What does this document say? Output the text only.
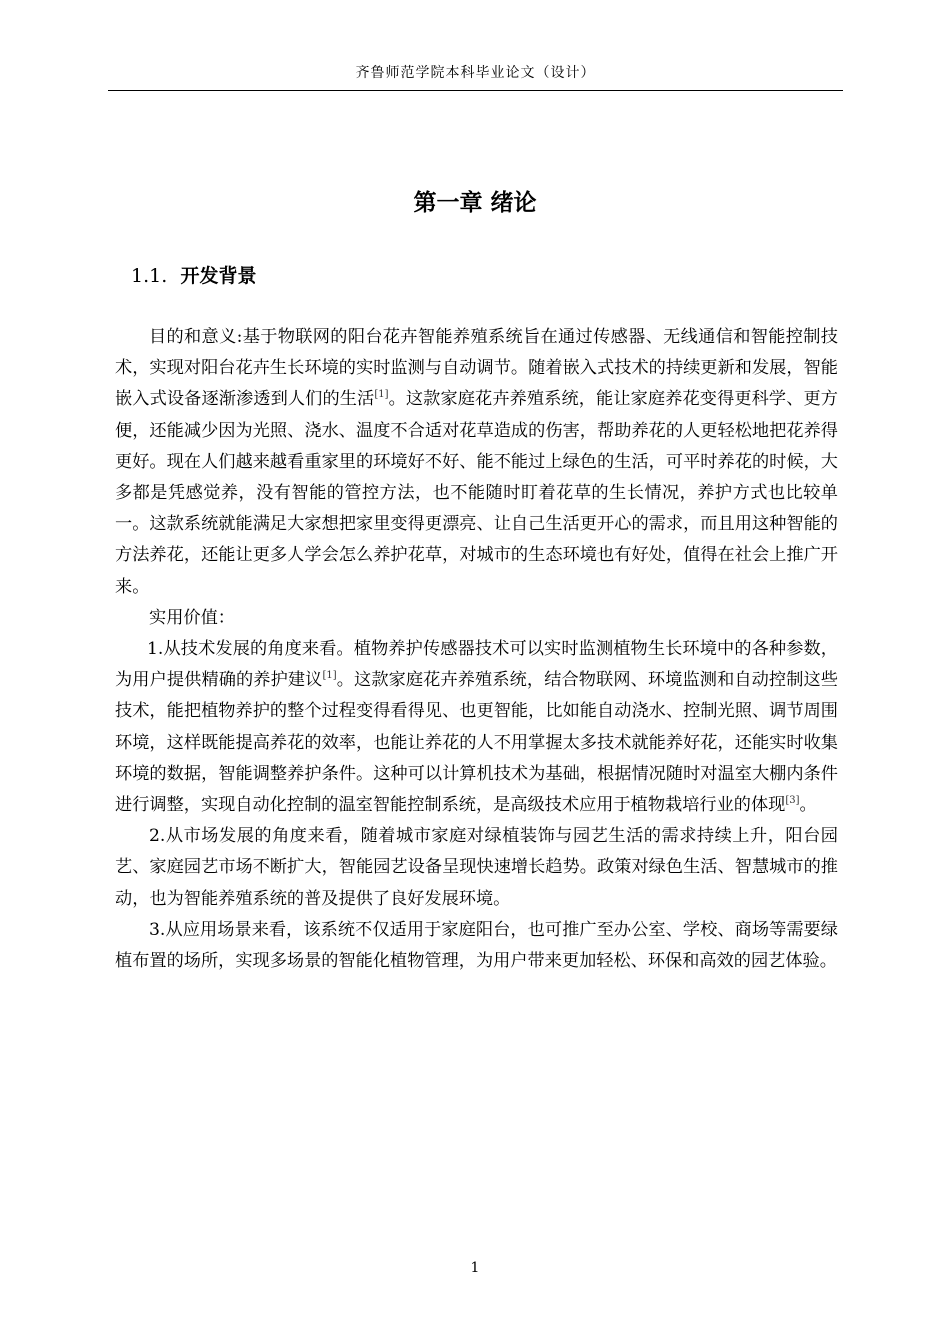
齐鲁师范学院本科毕业论文（设计）
第一章 绪论
1.1. 开发背景

目的和意义:基于物联网的阳台花卉智能养殖系统旨在通过传感器、无线通信和智能控制技术，实现对阳台花卉生长环境的实时监测与自动调节。随着嵌入式技术的持续更新和发展，智能嵌入式设备逐渐渗透到人们的生活[1]。这款家庭花卉养殖系统，能让家庭养花变得更科学、更方便，还能减少因为光照、浇水、温度不合适对花草造成的伤害，帮助养花的人更轻松地把花养得更好。现在人们越来越看重家里的环境好不好、能不能过上绿色的生活，可平时养花的时候，大多都是凭感觉养，没有智能的管控方法，也不能随时盯着花草的生长情况，养护方式也比较单一。这款系统就能满足大家想把家里变得更漂亮、让自己生活更开心的需求，而且用这种智能的方法养花，还能让更多人学会怎么养护花草，对城市的生态环境也有好处，值得在社会上推广开来。

实用价值：

1.从技术发展的角度来看。植物养护传感器技术可以实时监测植物生长环境中的各种参数，为用户提供精确的养护建议[1]。这款家庭花卉养殖系统，结合物联网、环境监测和自动控制这些技术，能把植物养护的整个过程变得看得见、也更智能，比如能自动浇水、控制光照、调节周围环境，这样既能提高养花的效率，也能让养花的人不用掌握太多技术就能养好花，还能实时收集环境的数据，智能调整养护条件。这种可以计算机技术为基础，根据情况随时对温室大棚内条件进行调整，实现自动化控制的温室智能控制系统，是高级技术应用于植物栽培行业的体现[3]。

2.从市场发展的角度来看，随着城市家庭对绿植装饰与园艺生活的需求持续上升，阳台园艺、家庭园艺市场不断扩大，智能园艺设备呈现快速增长趋势。政策对绿色生活、智慧城市的推动，也为智能养殖系统的普及提供了良好发展环境。

3.从应用场景来看，该系统不仅适用于家庭阳台，也可推广至办公室、学校、商场等需要绿植布置的场所，实现多场景的智能化植物管理，为用户带来更加轻松、环保和高效的园艺体验。

1
